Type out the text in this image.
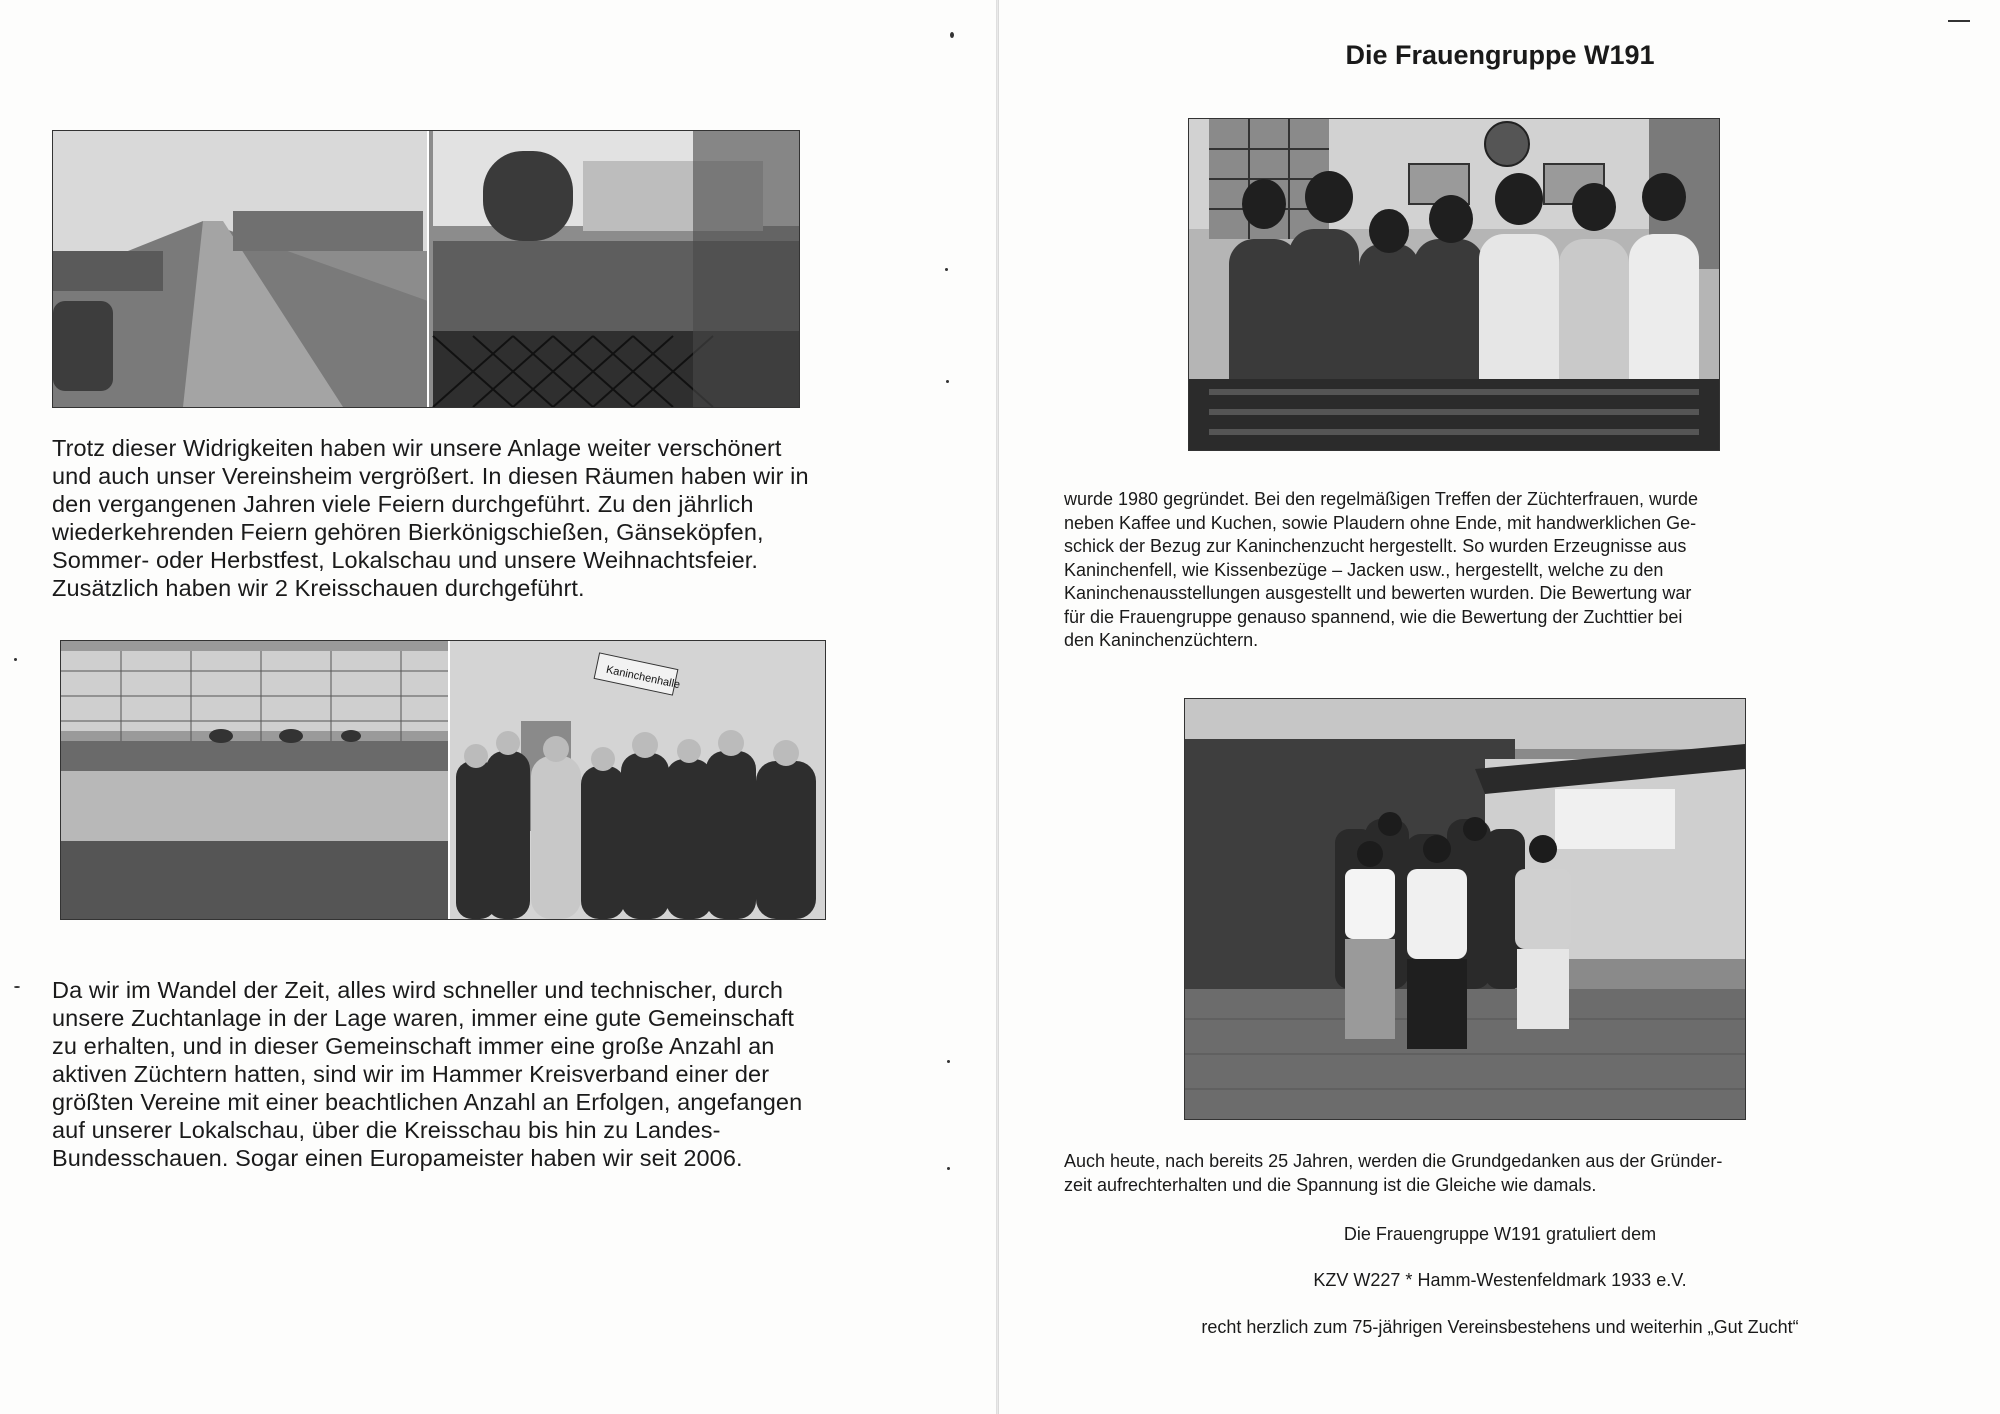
Trotz dieser Widrigkeiten haben wir unsere Anlage weiter verschönert
und auch unser Vereinsheim vergrößert. In diesen Räumen haben wir in
den vergangenen Jahren viele Feiern durchgeführt. Zu den jährlich
wiederkehrenden Feiern gehören Bierkönigschießen, Gänseköpfen,
Sommer- oder Herbstfest, Lokalschau und unsere Weihnachtsfeier.
Zusätzlich haben wir 2 Kreisschauen durchgeführt.

Kaninchenhalle

Da wir im Wandel der Zeit, alles wird schneller und technischer, durch
unsere Zuchtanlage in der Lage waren, immer eine gute Gemeinschaft
zu erhalten, und in dieser Gemeinschaft immer eine große Anzahl an
aktiven Züchtern hatten, sind wir im Hammer Kreisverband einer der
größten Vereine mit einer beachtlichen Anzahl an Erfolgen, angefangen
auf unserer Lokalschau, über die Kreisschau bis hin zu Landes-
Bundesschauen. Sogar einen Europameister haben wir seit 2006.

Die Frauengruppe W191

wurde 1980 gegründet. Bei den regelmäßigen Treffen der Züchterfrauen, wurde
neben Kaffee und Kuchen, sowie Plaudern ohne Ende, mit handwerklichen Ge-
schick der Bezug zur Kaninchenzucht hergestellt. So wurden Erzeugnisse aus
Kaninchenfell, wie Kissenbezüge – Jacken usw., hergestellt, welche zu den
Kaninchenausstellungen ausgestellt und bewerten wurden. Die Bewertung war
für die Frauengruppe genauso spannend, wie die Bewertung der Zuchttier bei
den Kaninchenzüchtern.

Auch heute, nach bereits 25 Jahren, werden die Grundgedanken aus der Gründer-
zeit aufrechterhalten und die Spannung ist die Gleiche wie damals.

Die Frauengruppe W191 gratuliert dem

KZV W227 * Hamm-Westenfeldmark 1933 e.V.

recht herzlich zum 75-jährigen Vereinsbestehens und weiterhin „Gut Zucht“
